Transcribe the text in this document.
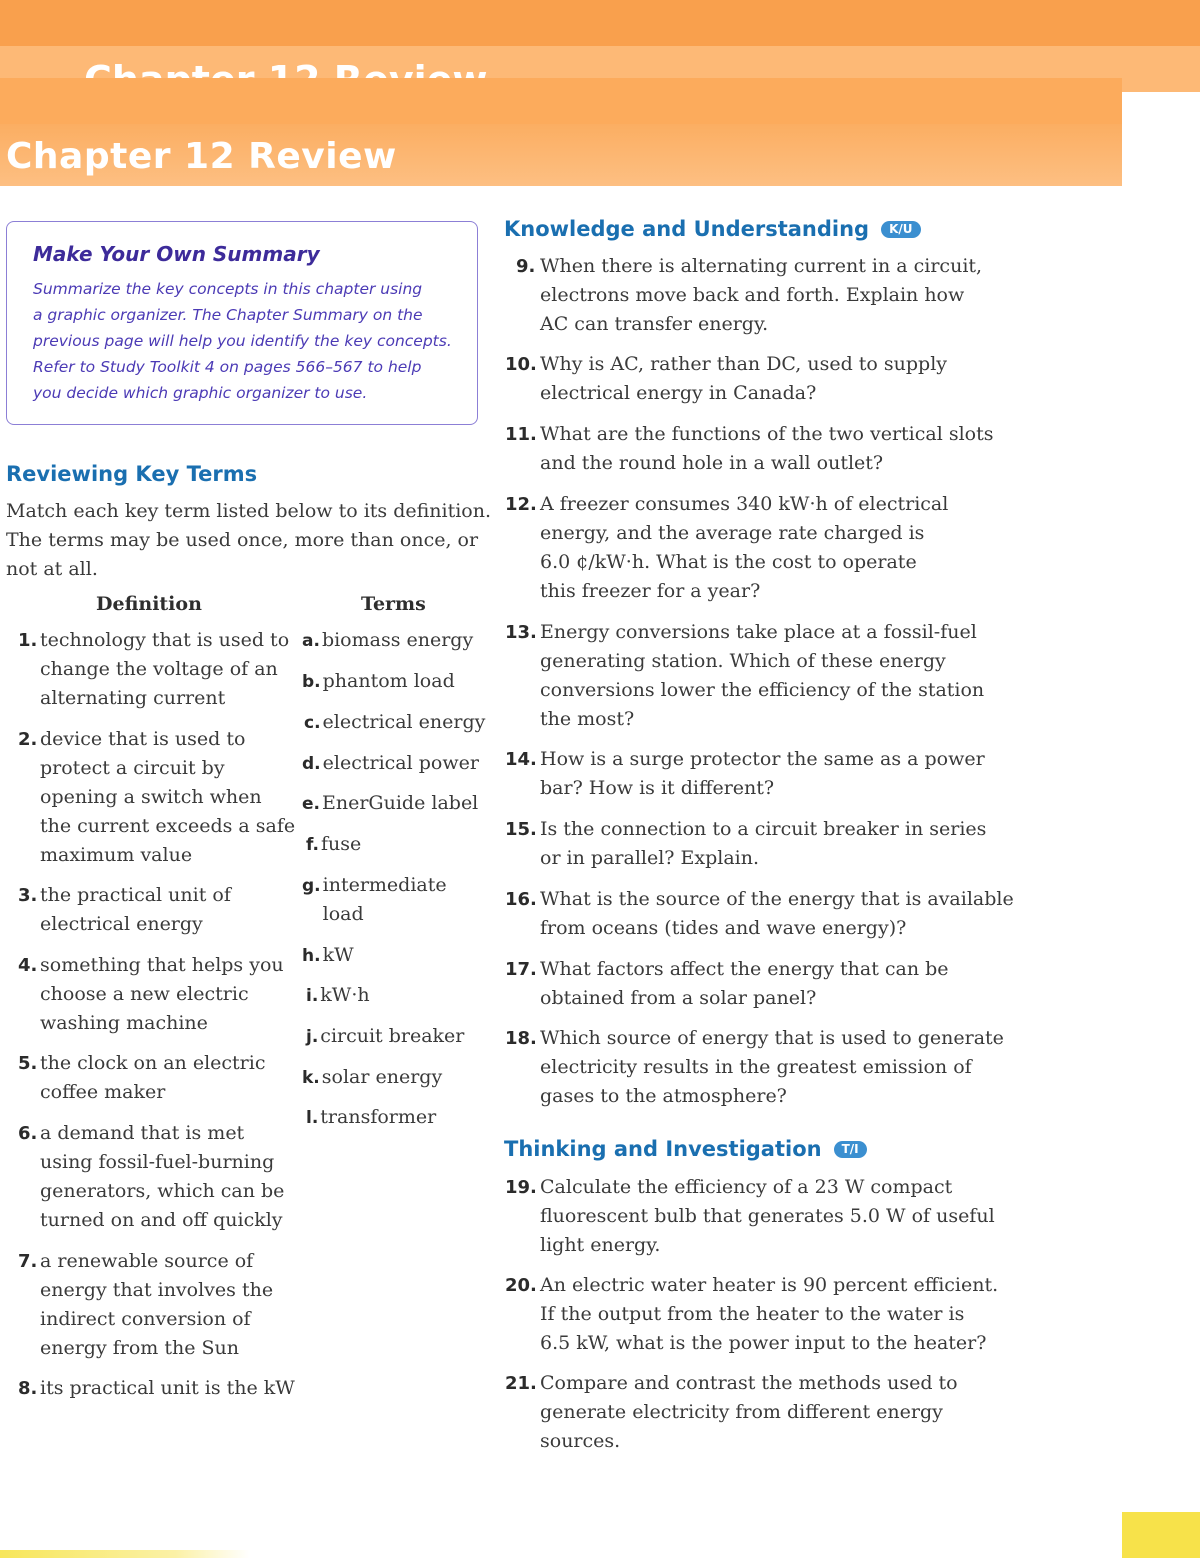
Chapter 12 Review
Make Your Own Summary

Summarize the key concepts in this chapter using
a graphic organizer. The Chapter Summary on the
previous page will help you identify the key concepts.
Refer to Study Toolkit 4 on pages 566–567 to help
you decide which graphic organizer to use.

Reviewing Key Terms
Match each key term listed below to its definition.
The terms may be used once, more than once, or
not at all.
Definition	Terms
1. technology that is used to
change the voltage of an
alternating current
2. device that is used to
protect a circuit by
opening a switch when
the current exceeds a safe
maximum value
3. the practical unit of
electrical energy
4. something that helps you
choose a new electric
washing machine
5. the clock on an electric
coffee maker
6. a demand that is met
using fossil-fuel-burning
generators, which can be
turned on and off quickly
7. a renewable source of
energy that involves the
indirect conversion of
energy from the Sun
8. its practical unit is the kW
a. biomass energy
b. phantom load
c. electrical energy
d. electrical power
e. EnerGuide label
f. fuse
g. intermediate
load
h. kW
i. kW·h
j. circuit breaker
k. solar energy
l. transformer
Knowledge and Understanding K/U
9. When there is alternating current in a circuit,
electrons move back and forth. Explain how
AC can transfer energy.
10. Why is AC, rather than DC, used to supply
electrical energy in Canada?
11. What are the functions of the two vertical slots
and the round hole in a wall outlet?
12. A freezer consumes 340 kW·h of electrical
energy, and the average rate charged is
6.0 ¢/kW·h. What is the cost to operate
this freezer for a year?
13. Energy conversions take place at a fossil-fuel
generating station. Which of these energy
conversions lower the efficiency of the station
the most?
14. How is a surge protector the same as a power
bar? How is it different?
15. Is the connection to a circuit breaker in series
or in parallel? Explain.
16. What is the source of the energy that is available
from oceans (tides and wave energy)?
17. What factors affect the energy that can be
obtained from a solar panel?
18. Which source of energy that is used to generate
electricity results in the greatest emission of
gases to the atmosphere?
Thinking and Investigation T/I
19. Calculate the efficiency of a 23 W compact
fluorescent bulb that generates 5.0 W of useful
light energy.
20. An electric water heater is 90 percent efficient.
If the output from the heater to the water is
6.5 kW, what is the power input to the heater?
21. Compare and contrast the methods used to
generate electricity from different energy
sources.
